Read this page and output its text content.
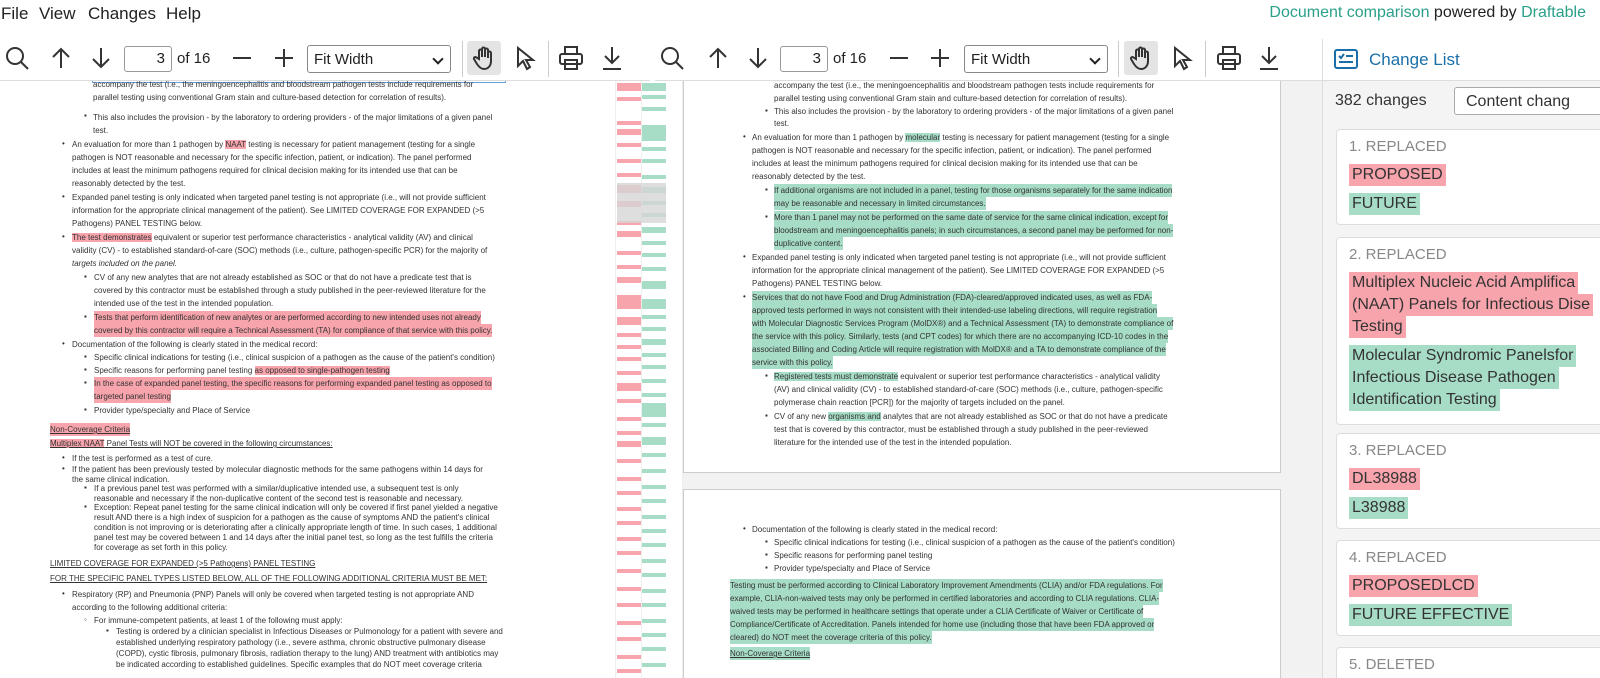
File View Changes Help	Document comparison powered by Draftable
3 of 16	Fit Width	3 of 16	Fit Width	Change List
accompany the test (i.e., the meningoencephalitis and bloodstream pathogen tests include requirements for
parallel testing using conventional Gram stain and culture-based detection for correlation of results).
▪ This also includes the provision - by the laboratory to ordering providers - of the major limitations of a given panel
test.
• An evaluation for more than 1 pathogen by NAAT testing is necessary for patient management (testing for a single
pathogen is NOT reasonable and necessary for the specific infection, patient, or indication). The panel performed
includes at least the minimum pathogens required for clinical decision making for its intended use that can be
reasonably detected by the test.
• Expanded panel testing is only indicated when targeted panel testing is not appropriate (i.e., will not provide sufficient
information for the appropriate clinical management of the patient). See LIMITED COVERAGE FOR EXPANDED (>5
Pathogens) PANEL TESTING below.
• The test demonstrates equivalent or superior test performance characteristics - analytical validity (AV) and clinical
validity (CV) - to established standard-of-care (SOC) methods (i.e., culture, pathogen-specific PCR) for the majority of
targets included on the panel.
▪ CV of any new analytes that are not already established as SOC or that do not have a predicate test that is
covered by this contractor must be established through a study published in the peer-reviewed literature for the
intended use of the test in the intended population.
▪ Tests that perform identification of new analytes or are performed according to new intended uses not already
covered by this contractor will require a Technical Assessment (TA) for compliance of that service with this policy.
• Documentation of the following is clearly stated in the medical record:
▪ Specific clinical indications for testing (i.e., clinical suspicion of a pathogen as the cause of the patient's condition)
▪ Specific reasons for performing panel testing as opposed to single-pathogen testing
▪ In the case of expanded panel testing, the specific reasons for performing expanded panel testing as opposed to
targeted panel testing
▪ Provider type/specialty and Place of Service
Non-Coverage Criteria
Multiplex NAAT Panel Tests will NOT be covered in the following circumstances:
• If the test is performed as a test of cure.
• If the patient has been previously tested by molecular diagnostic methods for the same pathogens within 14 days for
the same clinical indication.
▪ If a previous panel test was performed with a similar/duplicative intended use, a subsequent test is only
reasonable and necessary if the non-duplicative content of the second test is reasonable and necessary.
▪ Exception: Repeat panel testing for the same clinical indication will only be covered if first panel yielded a negative
result AND there is a high index of suspicion for a pathogen as the cause of symptoms AND the patient's clinical
condition is not improving or is deteriorating after a clinically appropriate length of time. In such cases, 1 additional
panel test may be covered between 1 and 14 days after the initial panel test, so long as the test fulfills the criteria
for coverage as set forth in this policy.
LIMITED COVERAGE FOR EXPANDED (>5 Pathogens) PANEL TESTING
FOR THE SPECIFIC PANEL TYPES LISTED BELOW, ALL OF THE FOLLOWING ADDITIONAL CRITERIA MUST BE MET:
• Respiratory (RP) and Pneumonia (PNP) Panels will only be covered when targeted testing is not appropriate AND
according to the following additional criteria:
◦ For immune-competent patients, at least 1 of the following must apply:
▪ Testing is ordered by a clinician specialist in Infectious Diseases or Pulmonology for a patient with severe and
established underlying respiratory pathology (i.e., severe asthma, chronic obstructive pulmonary disease
(COPD), cystic fibrosis, pulmonary fibrosis, radiation therapy to the lung) AND treatment with antibiotics may
be indicated according to established guidelines. Specific examples that do NOT meet coverage criteria
accompany the test (i.e., the meningoencephalitis and bloodstream pathogen tests include requirements for
parallel testing using conventional Gram stain and culture-based detection for correlation of results).
▪ This also includes the provision - by the laboratory to ordering providers - of the major limitations of a given panel
test.
• An evaluation for more than 1 pathogen by molecular testing is necessary for patient management (testing for a single
pathogen is NOT reasonable and necessary for the specific infection, patient, or indication). The panel performed
includes at least the minimum pathogens required for clinical decision making for its intended use that can be
reasonably detected by the test.
▪ If additional organisms are not included in a panel, testing for those organisms separately for the same indication
may be reasonable and necessary in limited circumstances.
▪ More than 1 panel may not be performed on the same date of service for the same clinical indication, except for
bloodstream and meningoencephalitis panels; in such circumstances, a second panel may be performed for non-
duplicative content.
• Expanded panel testing is only indicated when targeted panel testing is not appropriate (i.e., will not provide sufficient
information for the appropriate clinical management of the patient). See LIMITED COVERAGE FOR EXPANDED (>5
Pathogens) PANEL TESTING below.
• Services that do not have Food and Drug Administration (FDA)-cleared/approved indicated uses, as well as FDA-
approved tests performed in ways not consistent with their intended-use labeling directions, will require registration
with Molecular Diagnostic Services Program (MolDX®) and a Technical Assessment (TA) to demonstrate compliance of
the service with this policy. Similarly, tests (and CPT codes) for which there are no accompanying ICD-10 codes in the
associated Billing and Coding Article will require registration with MolDX® and a TA to demonstrate compliance of the
service with this policy.
▪ Registered tests must demonstrate equivalent or superior test performance characteristics - analytical validity
(AV) and clinical validity (CV) - to established standard-of-care (SOC) methods (i.e., culture, pathogen-specific
polymerase chain reaction [PCR]) for the majority of targets included on the panel.
▪ CV of any new organisms and analytes that are not already established as SOC or that do not have a predicate
test that is covered by this contractor, must be established through a study published in the peer-reviewed
literature for the intended use of the test in the intended population.
• Documentation of the following is clearly stated in the medical record:
▪ Specific clinical indications for testing (i.e., clinical suspicion of a pathogen as the cause of the patient's condition)
▪ Specific reasons for performing panel testing
▪ Provider type/specialty and Place of Service
Testing must be performed according to Clinical Laboratory Improvement Amendments (CLIA) and/or FDA regulations. For
example, CLIA-non-waived tests may only be performed in certified laboratories and according to CLIA regulations. CLIA-
waived tests may be performed in healthcare settings that operate under a CLIA Certificate of Waiver or Certificate of
Compliance/Certificate of Accreditation. Panels intended for home use (including those that have been FDA approved or
cleared) do NOT meet the coverage criteria of this policy.
Non-Coverage Criteria
382 changes	Content chang
1. REPLACED
PROPOSED
FUTURE
2. REPLACED
Multiplex Nucleic Acid Amplifica
(NAAT) Panels for Infectious Dise
Testing
Molecular Syndromic Panelsfor
Infectious Disease Pathogen
Identification Testing
3. REPLACED
DL38988
L38988
4. REPLACED
PROPOSEDLCD
FUTURE EFFECTIVE
5. DELETED
